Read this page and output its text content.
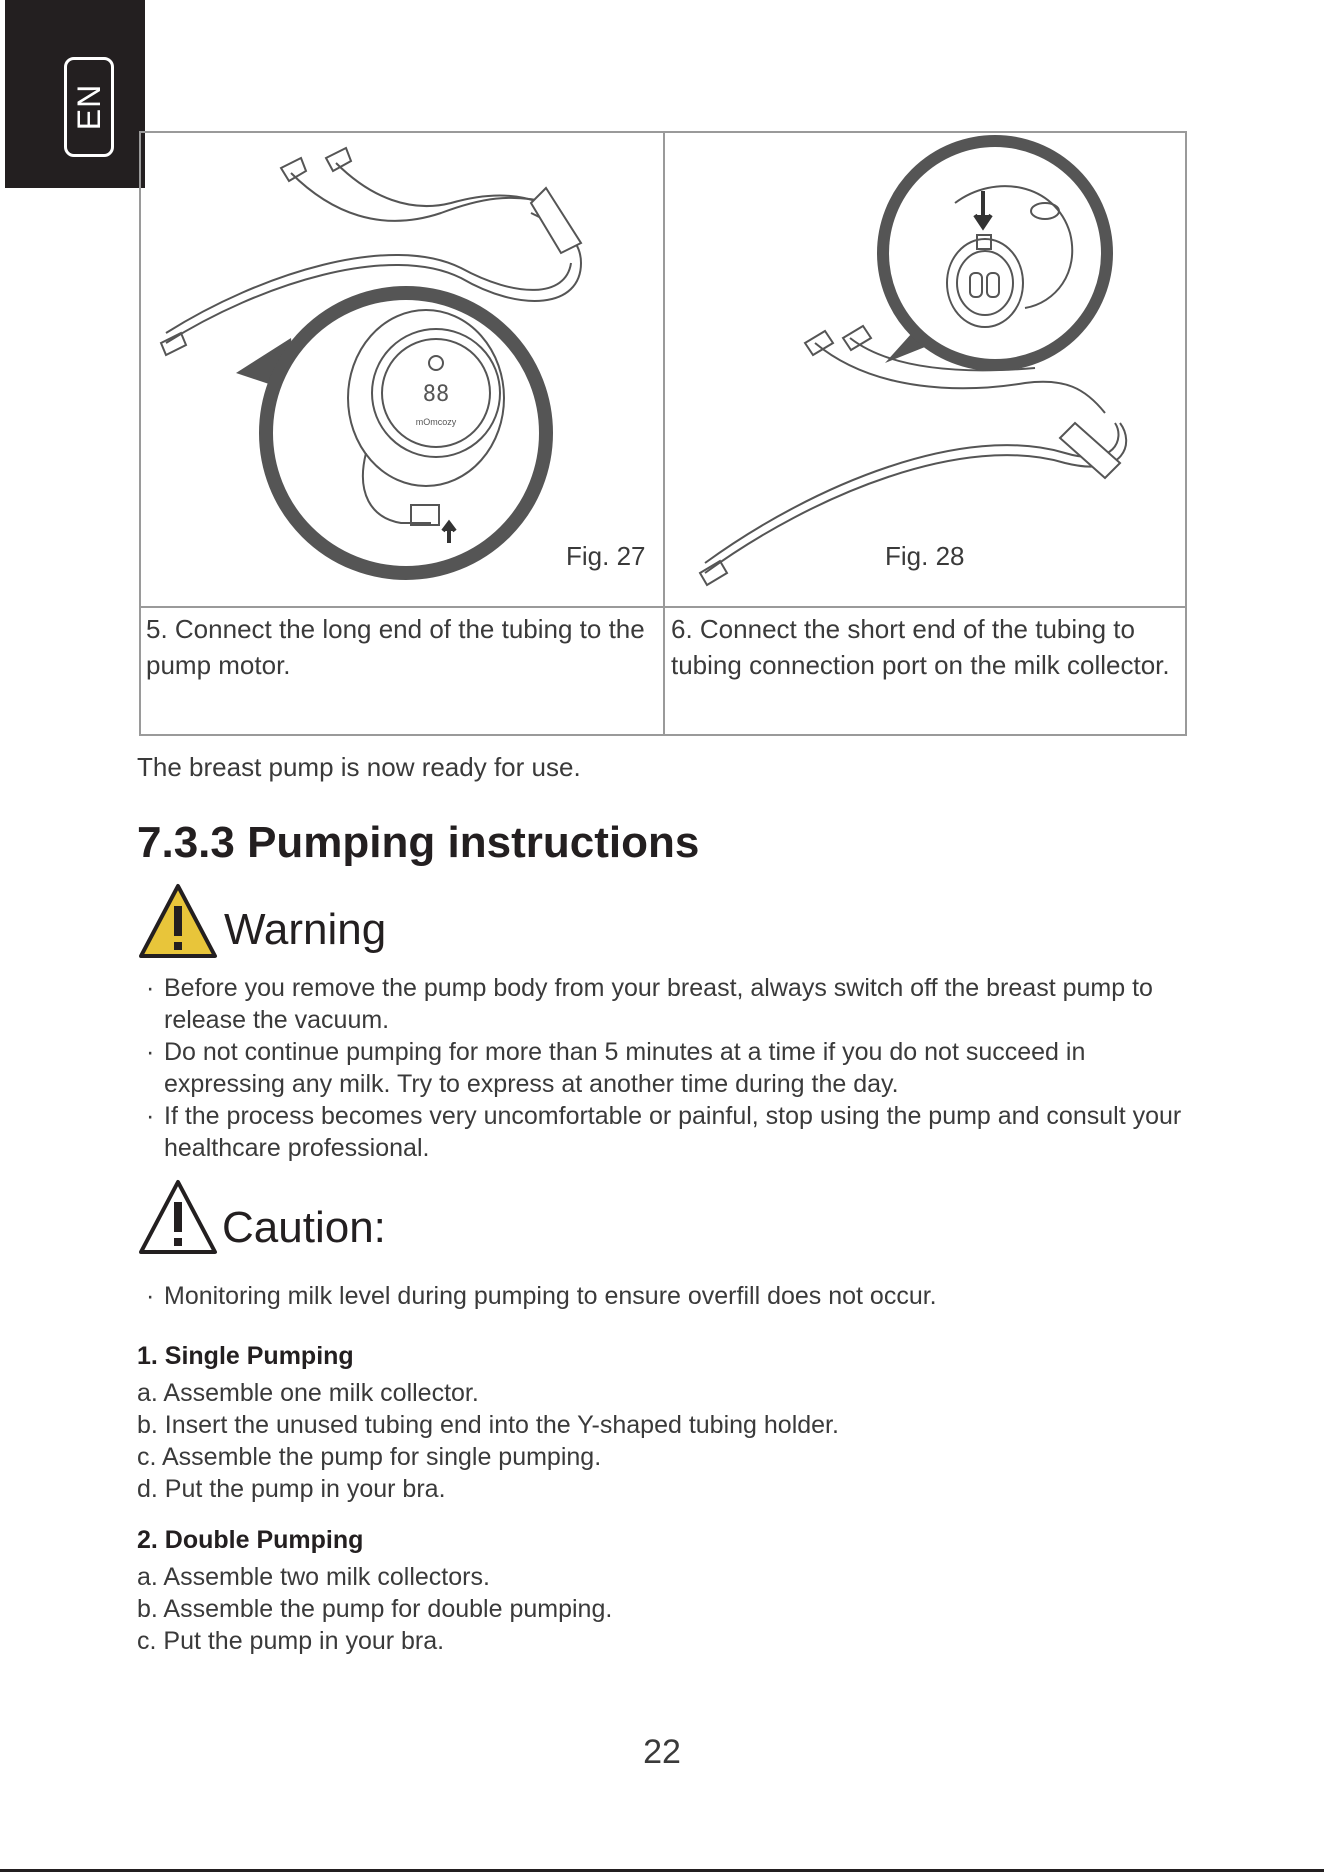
EN
88
mOmcozy
Fig. 27	Fig. 28
5. Connect the long end of the tubing to the pump motor.
6. Connect the short end of the tubing to tubing connection port on the milk collector.
The breast pump is now ready for use.
7.3.3 Pumping instructions
Warning
· Before you remove the pump body from your breast, always switch off the breast pump to release the vacuum.
· Do not continue pumping for more than 5 minutes at a time if you do not succeed in expressing any milk. Try to express at another time during the day.
· If the process becomes very uncomfortable or painful, stop using the pump and consult your healthcare professional.
Caution:
· Monitoring milk level during pumping to ensure overfill does not occur.
1. Single Pumping
a. Assemble one milk collector.
b. Insert the unused tubing end into the Y-shaped tubing holder.
c. Assemble the pump for single pumping.
d. Put the pump in your bra.
2. Double Pumping
a. Assemble two milk collectors.
b. Assemble the pump for double pumping.
c. Put the pump in your bra.
22
